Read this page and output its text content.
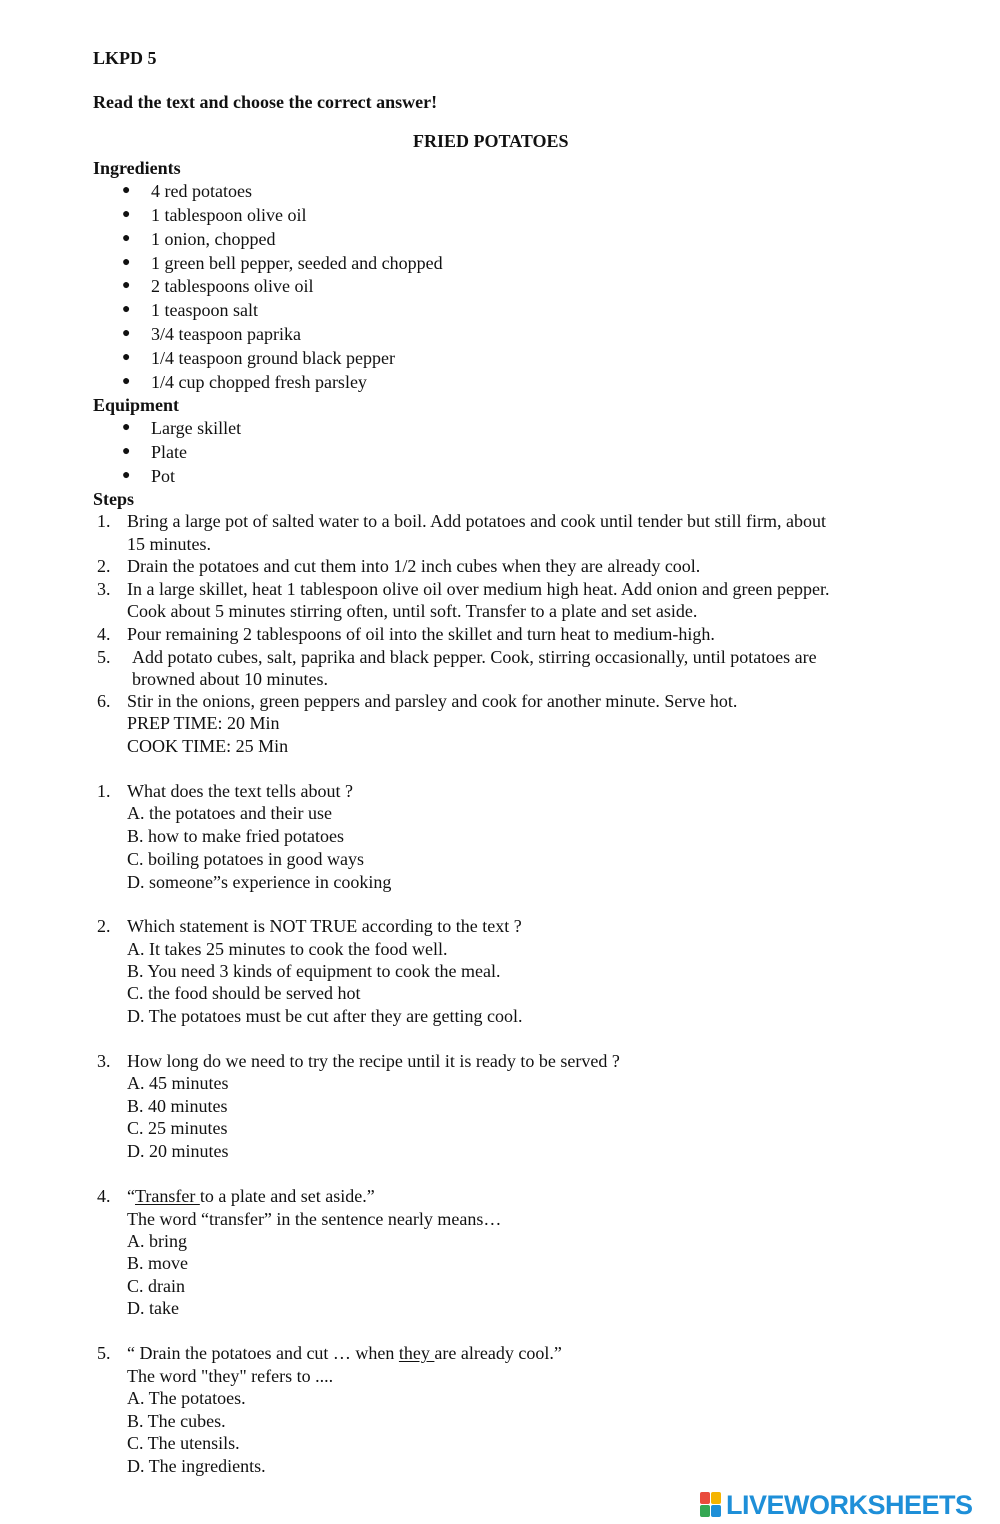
LKPD 5
Read the text and choose the correct answer!
FRIED POTATOES
Ingredients
● 4 red potatoes
● 1 tablespoon olive oil
● 1 onion, chopped
● 1 green bell pepper, seeded and chopped
● 2 tablespoons olive oil
● 1 teaspoon salt
● 3/4 teaspoon paprika
● 1/4 teaspoon ground black pepper
● 1/4 cup chopped fresh parsley
Equipment
● Large skillet
● Plate
● Pot
Steps
1. Bring a large pot of salted water to a boil. Add potatoes and cook until tender but still firm, about
15 minutes.
2. Drain the potatoes and cut them into 1/2 inch cubes when they are already cool.
3. In a large skillet, heat 1 tablespoon olive oil over medium high heat. Add onion and green pepper.
Cook about 5 minutes stirring often, until soft. Transfer to a plate and set aside.
4. Pour remaining 2 tablespoons of oil into the skillet and turn heat to medium-high.
5. Add potato cubes, salt, paprika and black pepper. Cook, stirring occasionally, until potatoes are
browned about 10 minutes.
6. Stir in the onions, green peppers and parsley and cook for another minute. Serve hot.
PREP TIME: 20 Min
COOK TIME: 25 Min
1. What does the text tells about ?
A. the potatoes and their use
B. how to make fried potatoes
C. boiling potatoes in good ways
D. someone”s experience in cooking
2. Which statement is NOT TRUE according to the text ?
A. It takes 25 minutes to cook the food well.
B. You need 3 kinds of equipment to cook the meal.
C. the food should be served hot
D. The potatoes must be cut after they are getting cool.
3. How long do we need to try the recipe until it is ready to be served ?
A. 45 minutes
B. 40 minutes
C. 25 minutes
D. 20 minutes
4. “Transfer to a plate and set aside.”
The word “transfer” in the sentence nearly means…
A. bring
B. move
C. drain
D. take
5. “ Drain the potatoes and cut … when they are already cool.”
The word "they" refers to ....
A. The potatoes.
B. The cubes.
C. The utensils.
D. The ingredients.
LIVEWORKSHEETS
